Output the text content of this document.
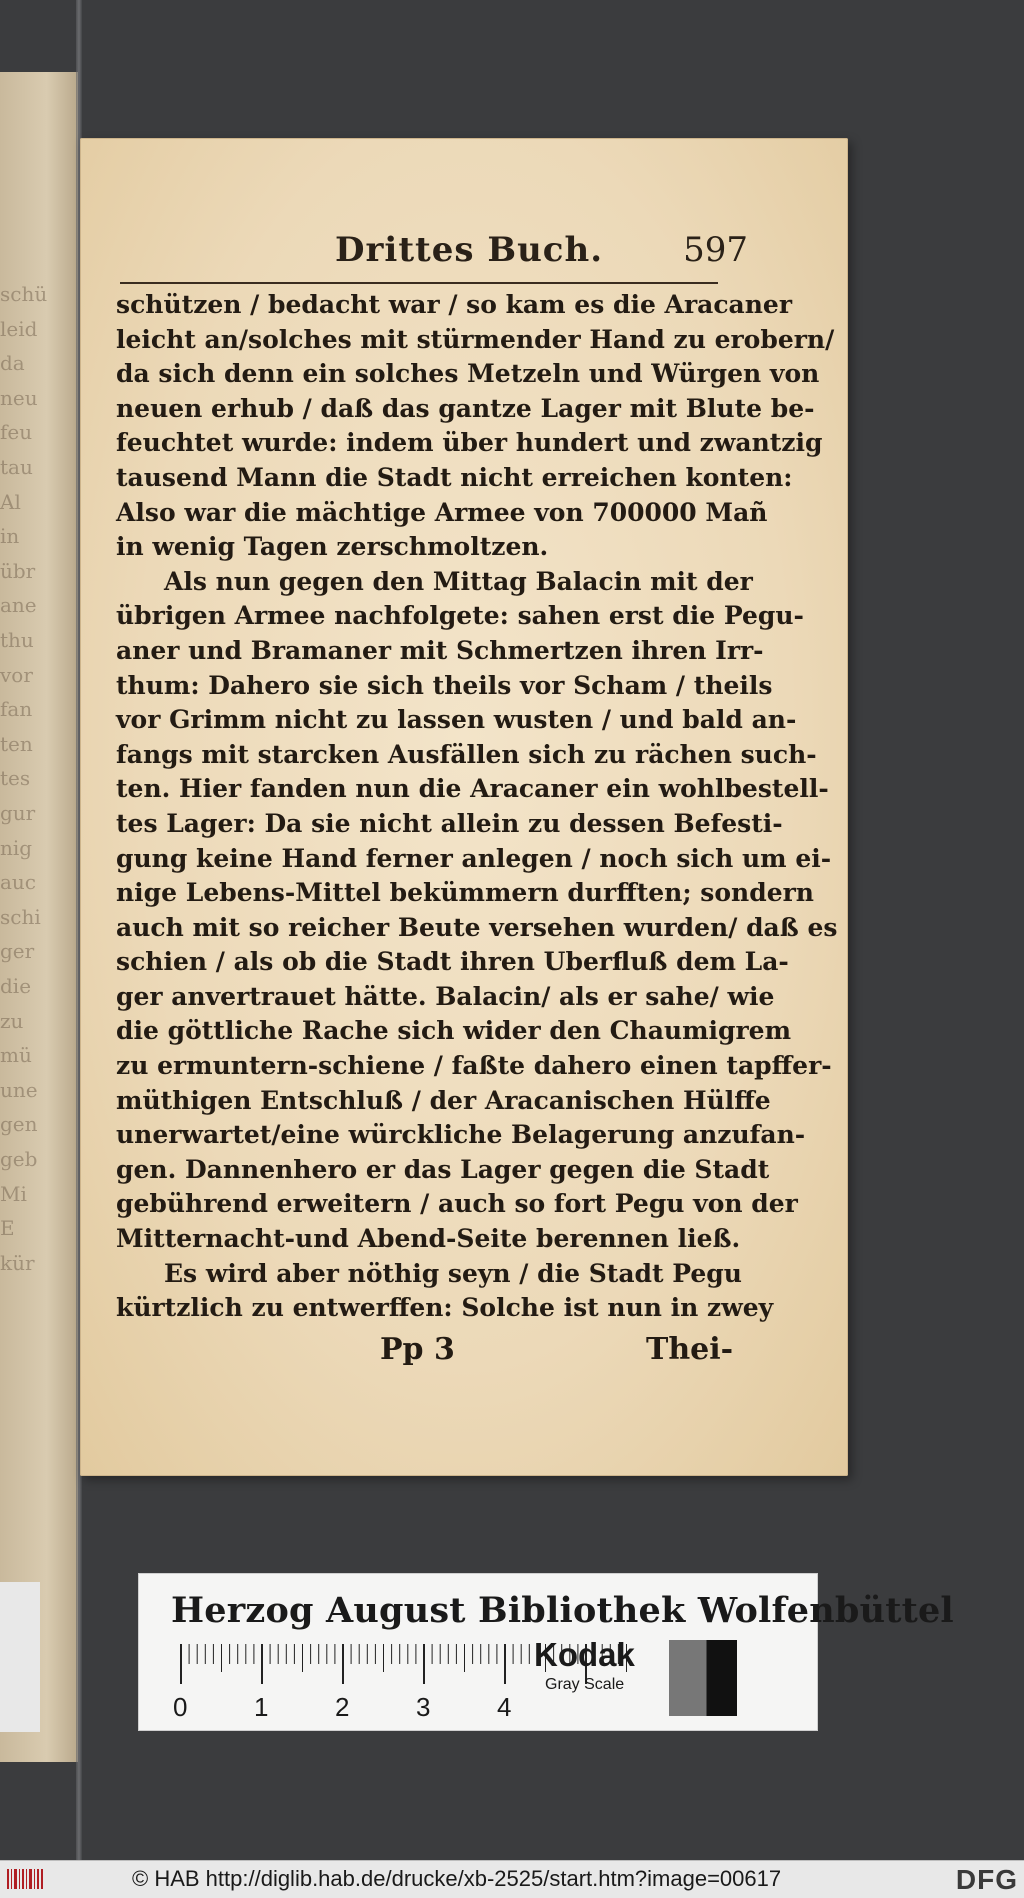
schü
leid
da
neu
feu
tau
Al
in
übr
ane
thu
vor
fan
ten
tes
gur
nig
auc
schi
ger
die
zu
mü
une
gen
geb
Mi
E
kür
Drittes Buch. 597
schützen / bedacht war / so kam es die Aracaner
leicht an/solches mit stürmender Hand zu erobern/
da sich denn ein solches Metzeln und Würgen von
neuen erhub / daß das gantze Lager mit Blute be-
feuchtet wurde: indem über hundert und zwantzig
tausend Mann die Stadt nicht erreichen konten:
Also war die mächtige Armee von 700000 Mañ
in wenig Tagen zerschmoltzen.
Als nun gegen den Mittag Balacin mit der
übrigen Armee nachfolgete: sahen erst die Pegu-
aner und Bramaner mit Schmertzen ihren Irr-
thum: Dahero sie sich theils vor Scham / theils
vor Grimm nicht zu lassen wusten / und bald an-
fangs mit starcken Ausfällen sich zu rächen such-
ten. Hier fanden nun die Aracaner ein wohlbestell-
tes Lager: Da sie nicht allein zu dessen Befesti-
gung keine Hand ferner anlegen / noch sich um ei-
nige Lebens-Mittel bekümmern durfften; sondern
auch mit so reicher Beute versehen wurden/ daß es
schien / als ob die Stadt ihren Uberfluß dem La-
ger anvertrauet hätte. Balacin/ als er sahe/ wie
die göttliche Rache sich wider den Chaumigrem
zu ermuntern-schiene / faßte dahero einen tapffer-
müthigen Entschluß / der Aracanischen Hülffe
unerwartet/eine würckliche Belagerung anzufan-
gen. Dannenhero er das Lager gegen die Stadt
gebührend erweitern / auch so fort Pegu von der
Mitternacht-und Abend-Seite berennen ließ.
Es wird aber nöthig seyn / die Stadt Pegu
kürtzlich zu entwerffen: Solche ist nun in zwey
Pp 3	Thei-
Herzog August Bibliothek Wolfenbüttel
0	1	2	3	4
Kodak
Gray Scale
© HAB http://diglib.hab.de/drucke/xb-2525/start.htm?image=00617	DFG
